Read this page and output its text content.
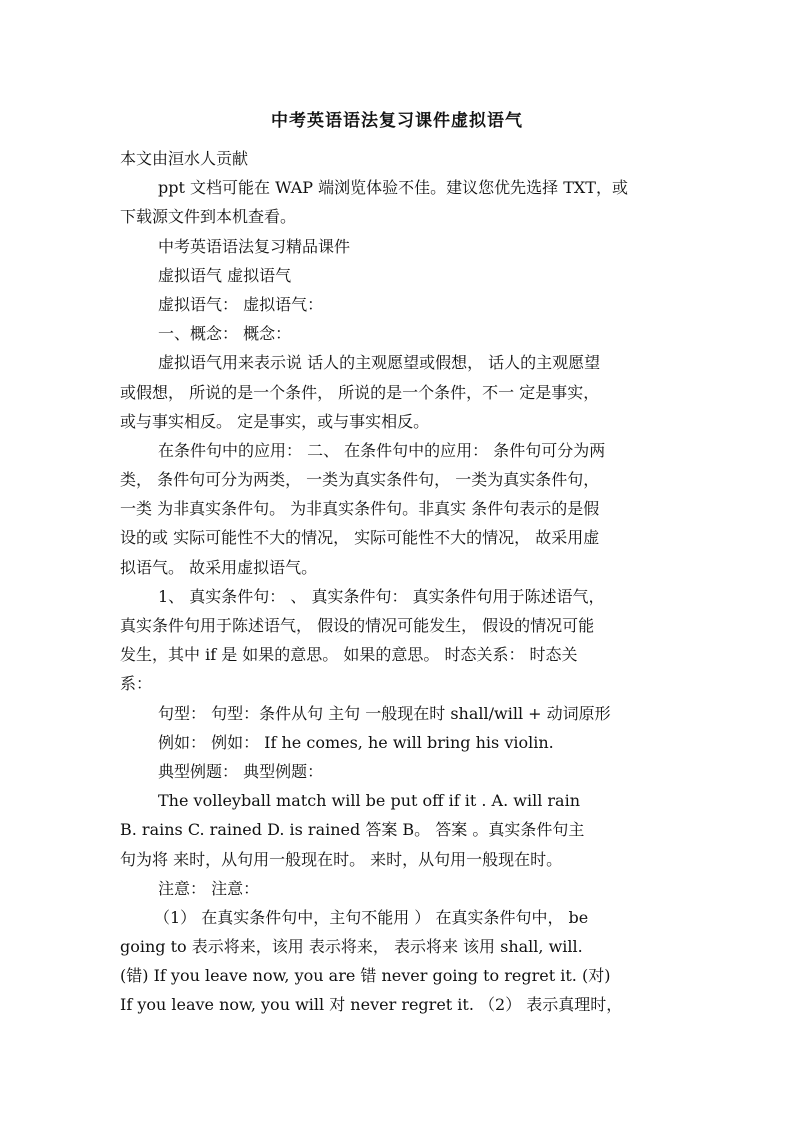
中考英语语法复习课件虚拟语气
本文由洹水人贡献
ppt 文档可能在 WAP 端浏览体验不佳。建议您优先选择 TXT，或
下载源文件到本机查看。
中考英语语法复习精品课件
虚拟语气 虚拟语气
虚拟语气： 虚拟语气：
一、概念： 概念：
虚拟语气用来表示说 话人的主观愿望或假想， 话人的主观愿望
或假想， 所说的是一个条件， 所说的是一个条件，不一 定是事实，
或与事实相反。 定是事实，或与事实相反。
在条件句中的应用： 二、 在条件句中的应用： 条件句可分为两
类， 条件句可分为两类， 一类为真实条件句， 一类为真实条件句，
一类 为非真实条件句。 为非真实条件句。非真实 条件句表示的是假
设的或 实际可能性不大的情况， 实际可能性不大的情况， 故采用虚
拟语气。 故采用虚拟语气。
1、 真实条件句： 、 真实条件句： 真实条件句用于陈述语气，
真实条件句用于陈述语气， 假设的情况可能发生， 假设的情况可能
发生，其中 if 是 如果的意思。 如果的意思。 时态关系： 时态关
系：
句型： 句型：条件从句 主句 一般现在时 shall/will + 动词原形
例如： 例如： If he comes, he will bring his violin.
典型例题： 典型例题：
The volleyball match will be put off if it . A. will rain
B. rains C. rained D. is rained 答案 B。 答案 。真实条件句主
句为将 来时，从句用一般现在时。 来时，从句用一般现在时。
注意： 注意：
（1） 在真实条件句中，主句不能用 ） 在真实条件句中， be
going to 表示将来，该用 表示将来， 表示将来 该用 shall, will.
(错) If you leave now, you are 错 never going to regret it. (对)
If you leave now, you will 对 never regret it. （2） 表示真理时，
